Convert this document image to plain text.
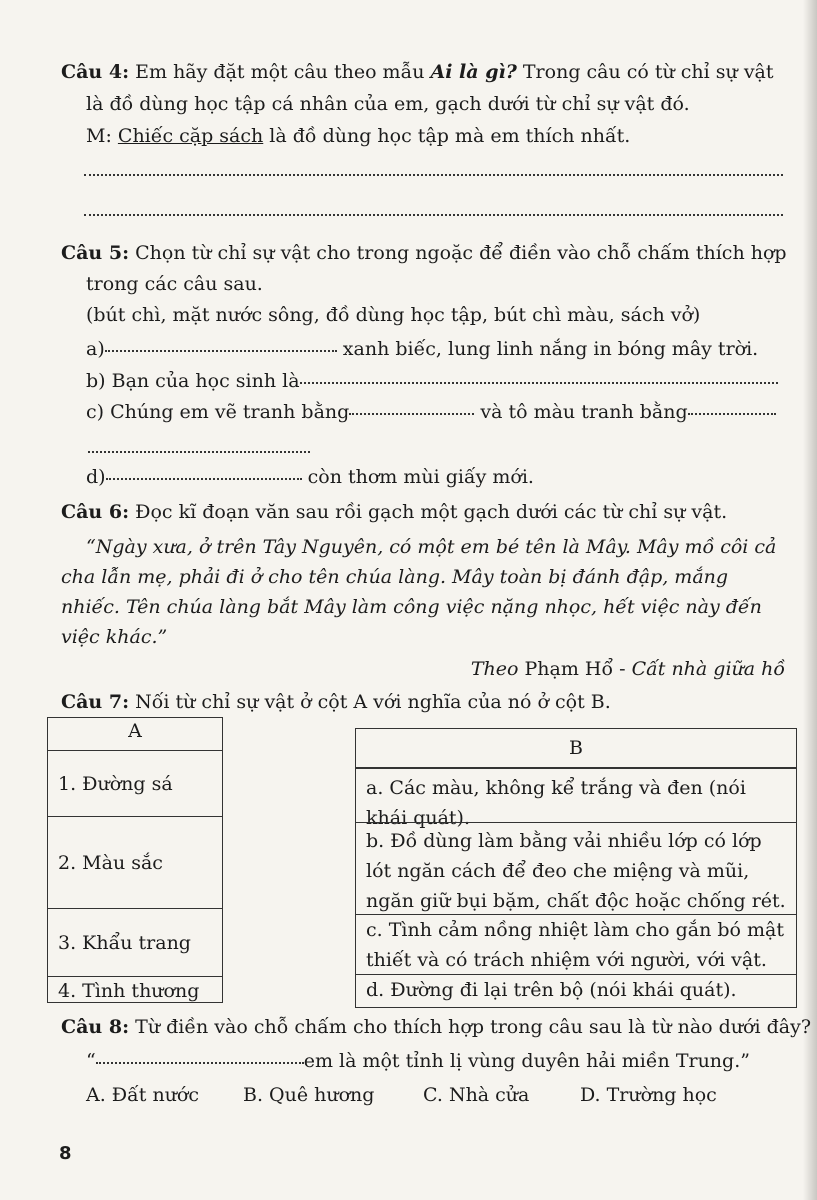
Câu 4: Em hãy đặt một câu theo mẫu Ai là gì? Trong câu có từ chỉ sự vật
là đồ dùng học tập cá nhân của em, gạch dưới từ chỉ sự vật đó.
M: Chiếc cặp sách là đồ dùng học tập mà em thích nhất.
Câu 5: Chọn từ chỉ sự vật cho trong ngoặc để điền vào chỗ chấm thích hợp
trong các câu sau.
(bút chì, mặt nước sông, đồ dùng học tập, bút chì màu, sách vở)
a)	xanh biếc, lung linh nắng in bóng mây trời.
b) Bạn của học sinh là
c) Chúng em vẽ tranh bằng	và tô màu tranh bằng
d)	còn thơm mùi giấy mới.
Câu 6: Đọc kĩ đoạn văn sau rồi gạch một gạch dưới các từ chỉ sự vật.
“Ngày xưa, ở trên Tây Nguyên, có một em bé tên là Mây. Mây mồ côi cả
cha lẫn mẹ, phải đi ở cho tên chúa làng. Mây toàn bị đánh đập, mắng
nhiếc. Tên chúa làng bắt Mây làm công việc nặng nhọc, hết việc này đến
việc khác.”
Theo Phạm Hổ - Cất nhà giữa hồ
Câu 7: Nối từ chỉ sự vật ở cột A với nghĩa của nó ở cột B.
A
1. Đường sá
2. Màu sắc
3. Khẩu trang
4. Tình thương
B
a. Các màu, không kể trắng và đen (nói
khái quát).
b. Đồ dùng làm bằng vải nhiều lớp có lớp
lót ngăn cách để đeo che miệng và mũi,
ngăn giữ bụi bặm, chất độc hoặc chống rét.
c. Tình cảm nồng nhiệt làm cho gắn bó mật
thiết và có trách nhiệm với người, với vật.
d. Đường đi lại trên bộ (nói khái quát).
Câu 8: Từ điền vào chỗ chấm cho thích hợp trong câu sau là từ nào dưới đây?
“	em là một tỉnh lị vùng duyên hải miền Trung.”
A. Đất nước B. Quê hương	C. Nhà cửa	D. Trường học
8
